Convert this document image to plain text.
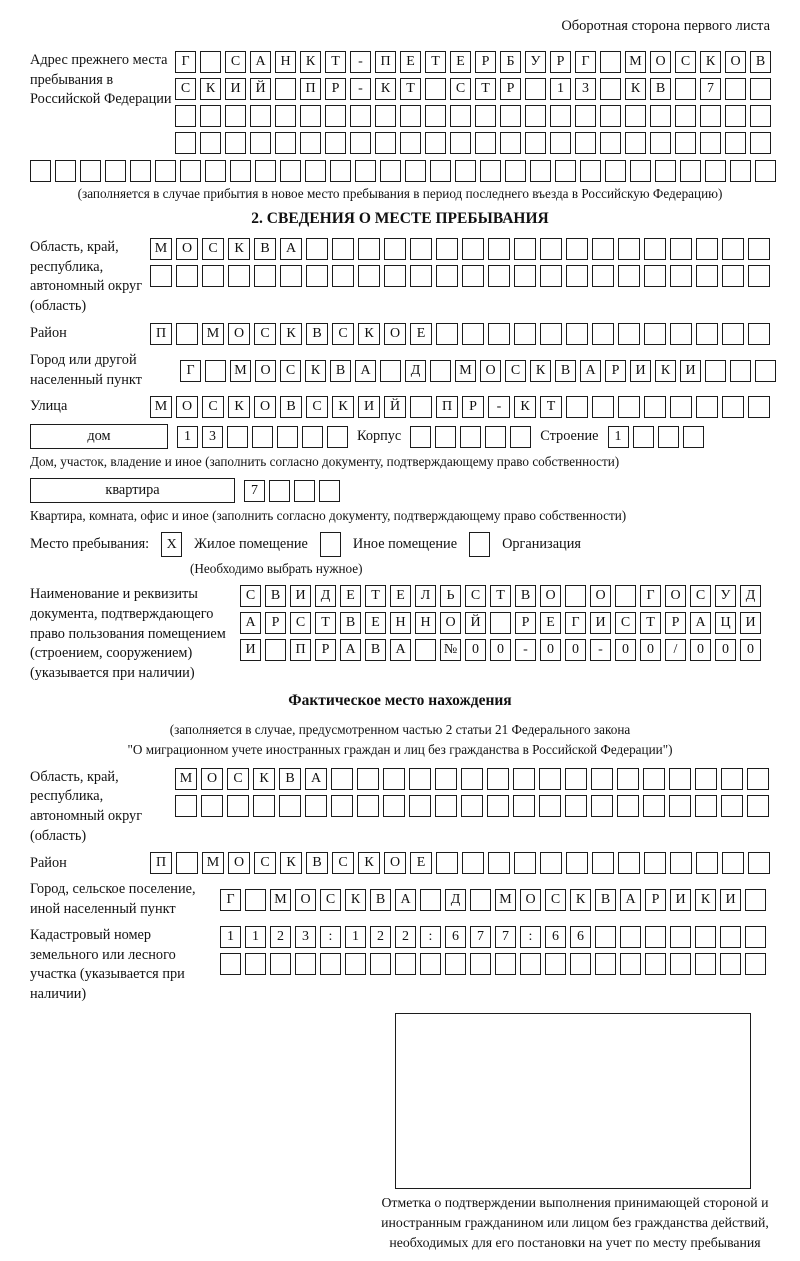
Оборотная сторона первого листа
Адрес прежнего места пребывания в Российской Федерации
Г	С	А	Н	К	Т	-	П	Е	Т	Е	Р	Б	У	Р	Г	М О	С	К	О	В
С	К	И	Й	П	Р	-	К	Т	С	Т	Р	1	3	К	В	7
(заполняется в случае прибытия в новое место пребывания в период последнего въезда в Российскую Федерацию)
2. СВЕДЕНИЯ О МЕСТЕ ПРЕБЫВАНИЯ
Область, край, республика, автономный округ (область)
М	О	С	К	В	А
Район	П	М	О	С	К	В	С	К	О	Е
Город или другой населенный пункт
Г	М О	С	К	В	А	Д	М О	С	К	В	А	Р	И	К	И
Улица	М	О	С	К	О	В	С	К	И	Й	П	Р	-	К	Т
дом	1	3	Корпус	Строение	1
Дом, участок, владение и иное (заполнить согласно документу, подтверждающему право собственности)
квартира	7
Квартира, комната, офис и иное (заполнить согласно документу, подтверждающему право собственности)
Место пребывания:	X	Жилое помещение	Иное помещение	Организация
(Необходимо выбрать нужное)
Наименование и реквизиты документа, подтверждающего право пользования помещением (строением, сооружением) (указывается при наличии)
С	В	И	Д	Е	Т	Е	Л	Ь	С	Т	В	О	О	Г	О	С	У	Д
А	Р	С	Т	В	Е	Н	Н	О	Й	Р	Е	Г	И	С	Т	Р	А	Ц	И
И	П	Р	А	В	А	№	0	0	-	0	0	-	0	0	/	0	0	0
Фактическое место нахождения
(заполняется в случае, предусмотренном частью 2 статьи 21 Федерального закона
"О миграционном учете иностранных граждан и лиц без гражданства в Российской Федерации")
Область, край, республика, автономный округ (область)
М	О	С	К	В	А
Район	П	М	О	С	К	В	С	К	О	Е
Город, сельское поселение, иной населенный пункт
Г	М О	С	К	В	А	Д	М О	С	К	В	А	Р	И	К	И
Кадастровый номер земельного или лесного участка (указывается при наличии)
1	1	2	3	:	1	2	2	:	6	7	7	:	6	6
Отметка о подтверждении выполнения принимающей стороной и иностранным гражданином или лицом без гражданства действий, необходимых для его постановки на учет по месту пребывания
